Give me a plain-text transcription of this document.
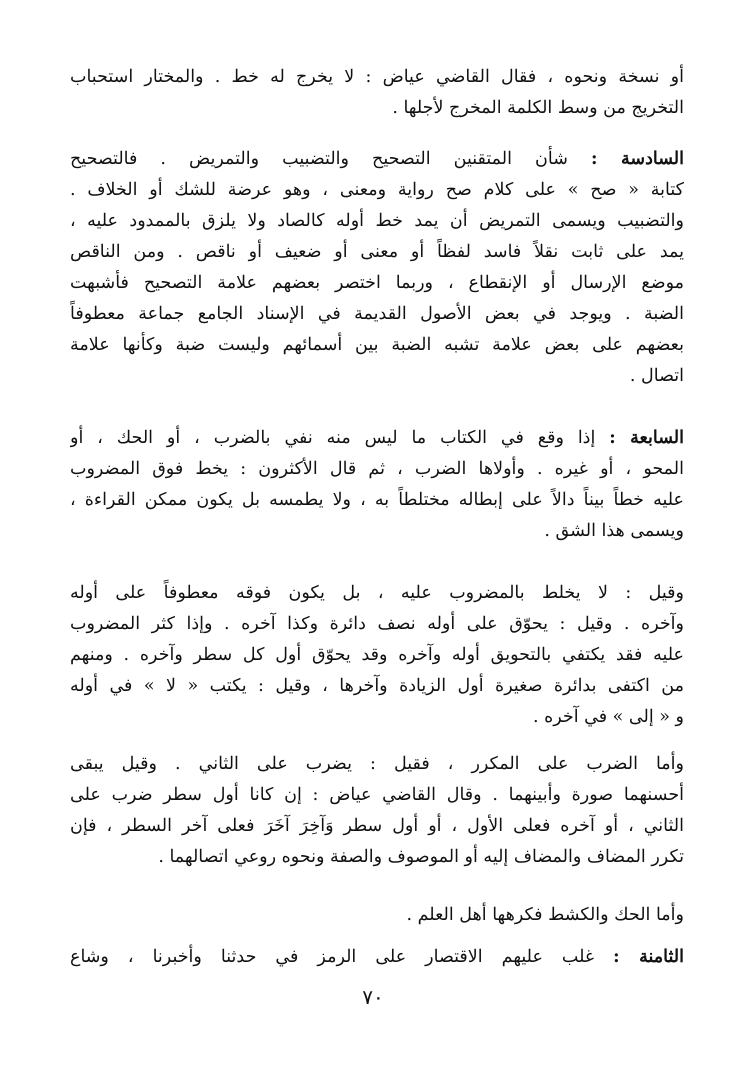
أو نسخة ونحوه ، فقال القاضي عياض : لا يخرج له خط . والمختار استحباب
التخريج من وسط الكلمة المخرج لأجلها .
السادسة : شأن المتقنين التصحيح والتضبيب والتمريض . فالتصحيح
كتابة « صح » على كلام صح رواية ومعنى ، وهو عرضة للشك أو الخلاف .
والتضبيب ويسمى التمريض أن يمد خط أوله كالصاد ولا يلزق بالممدود عليه ،
يمد على ثابت نقلاً فاسد لفظاً أو معنى أو ضعيف أو ناقص . ومن الناقص
موضع الإرسال أو الإنقطاع ، وربما اختصر بعضهم علامة التصحيح فأشبهت
الضبة . ويوجد في بعض الأصول القديمة في الإسناد الجامع جماعة معطوفاً
بعضهم على بعض علامة تشبه الضبة بين أسمائهم وليست ضبة وكأنها علامة
اتصال .
السابعة : إذا وقع في الكتاب ما ليس منه نفي بالضرب ، أو الحك ، أو
المحو ، أو غيره . وأولاها الضرب ، ثم قال الأكثرون : يخط فوق المضروب
عليه خطاً بيناً دالاً على إبطاله مختلطاً به ، ولا يطمسه بل يكون ممكن القراءة ،
ويسمى هذا الشق .
وقيل : لا يخلط بالمضروب عليه ، بل يكون فوقه معطوفاً على أوله
وآخره . وقيل : يحوّق على أوله نصف دائرة وكذا آخره . وإذا كثر المضروب
عليه فقد يكتفي بالتحويق أوله وآخره وقد يحوّق أول كل سطر وآخره . ومنهم
من اكتفى بدائرة صغيرة أول الزيادة وآخرها ، وقيل : يكتب « لا » في أوله
و « إلى » في آخره .
وأما الضرب على المكرر ، فقيل : يضرب على الثاني . وقيل يبقى
أحسنهما صورة وأبينهما . وقال القاضي عياض : إن كانا أول سطر ضرب على
الثاني ، أو آخره فعلى الأول ، أو أول سطر وَآخِرَ آخَرَ فعلى آخر السطر ، فإن
تكرر المضاف والمضاف إليه أو الموصوف والصفة ونحوه روعي اتصالهما .
وأما الحك والكشط فكرهها أهل العلم .
الثامنة : غلب عليهم الاقتصار على الرمز في حدثنا وأخبرنا ، وشاع
٧٠
